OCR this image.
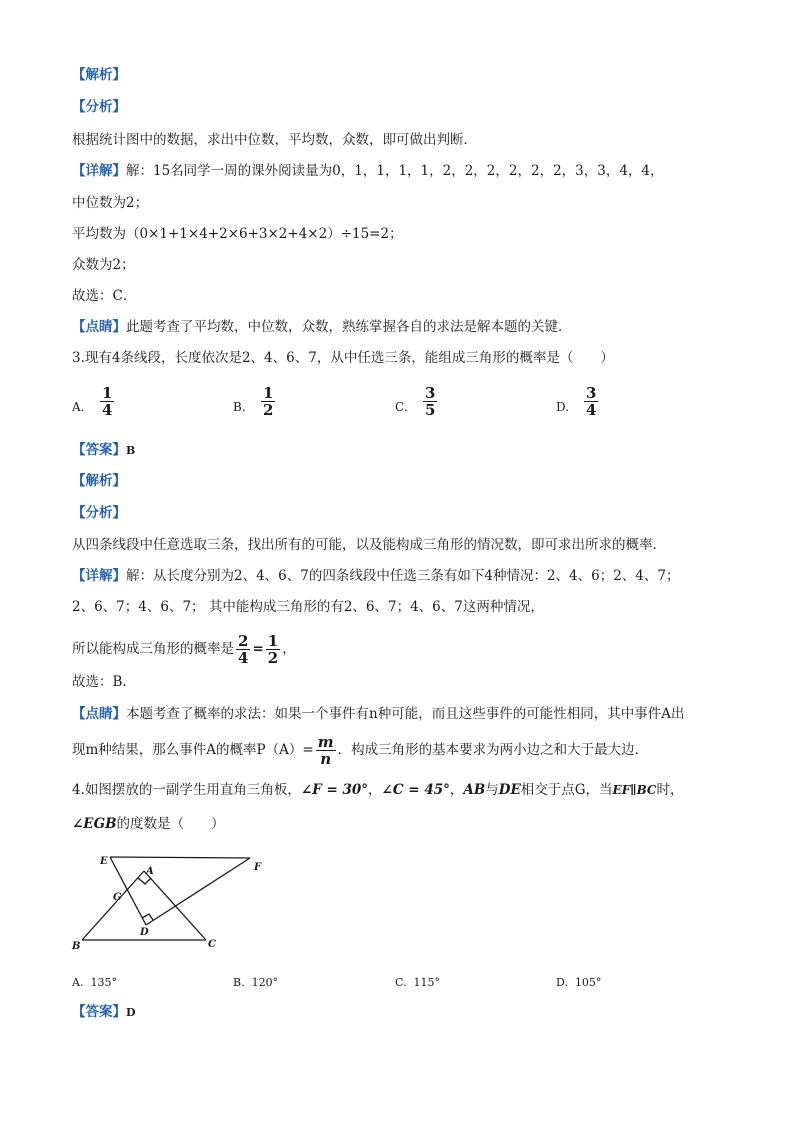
【解析】
【分析】
根据统计图中的数据，求出中位数，平均数，众数，即可做出判断．
【详解】解：15名同学一周的课外阅读量为0，1，1，1，1，2，2，2，2，2，2，3，3，4，4，
中位数为2；
平均数为（0×1+1×4+2×6+3×2+4×2）÷15=2；
众数为2；
故选：C．
【点睛】此题考查了平均数，中位数，众数，熟练掌握各自的求法是解本题的关键．
3.现有4条线段，长度依次是2、4、6、7，从中任选三条，能组成三角形的概率是（　　）
A. $\frac{1}{4}$	B. $\frac{1}{2}$	C. $\frac{3}{5}$	D. $\frac{3}{4}$
【答案】B
【解析】
【分析】
从四条线段中任意选取三条，找出所有的可能，以及能构成三角形的情况数，即可求出所求的概率．
【详解】解：从长度分别为2、4、6、7的四条线段中任选三条有如下4种情况：2、4、6；2、4、7；
2、6、7；4、6、7； 其中能构成三角形的有2、6、7；4、6、7这两种情况，
所以能构成三角形的概率是 $\frac{2}{4} = \frac{1}{2}$ ，
故选：B．
【点睛】本题考查了概率的求法：如果一个事件有n种可能，而且这些事件的可能性相同，其中事件A出
现m种结果，那么事件A的概率$P(A)= \frac{m}{n}$ ．构成三角形的基本要求为两小边之和大于最大边．
4.如图摆放的一副学生用直角三角板，∠F = 30°，∠C = 45°，AB与DE相交于点G，当EF∥BC时，
∠EGB的度数是（　　）
E
F
A
G
D
B	C
A. 135°	B. 120°	C. 115°	D. 105°
【答案】D
